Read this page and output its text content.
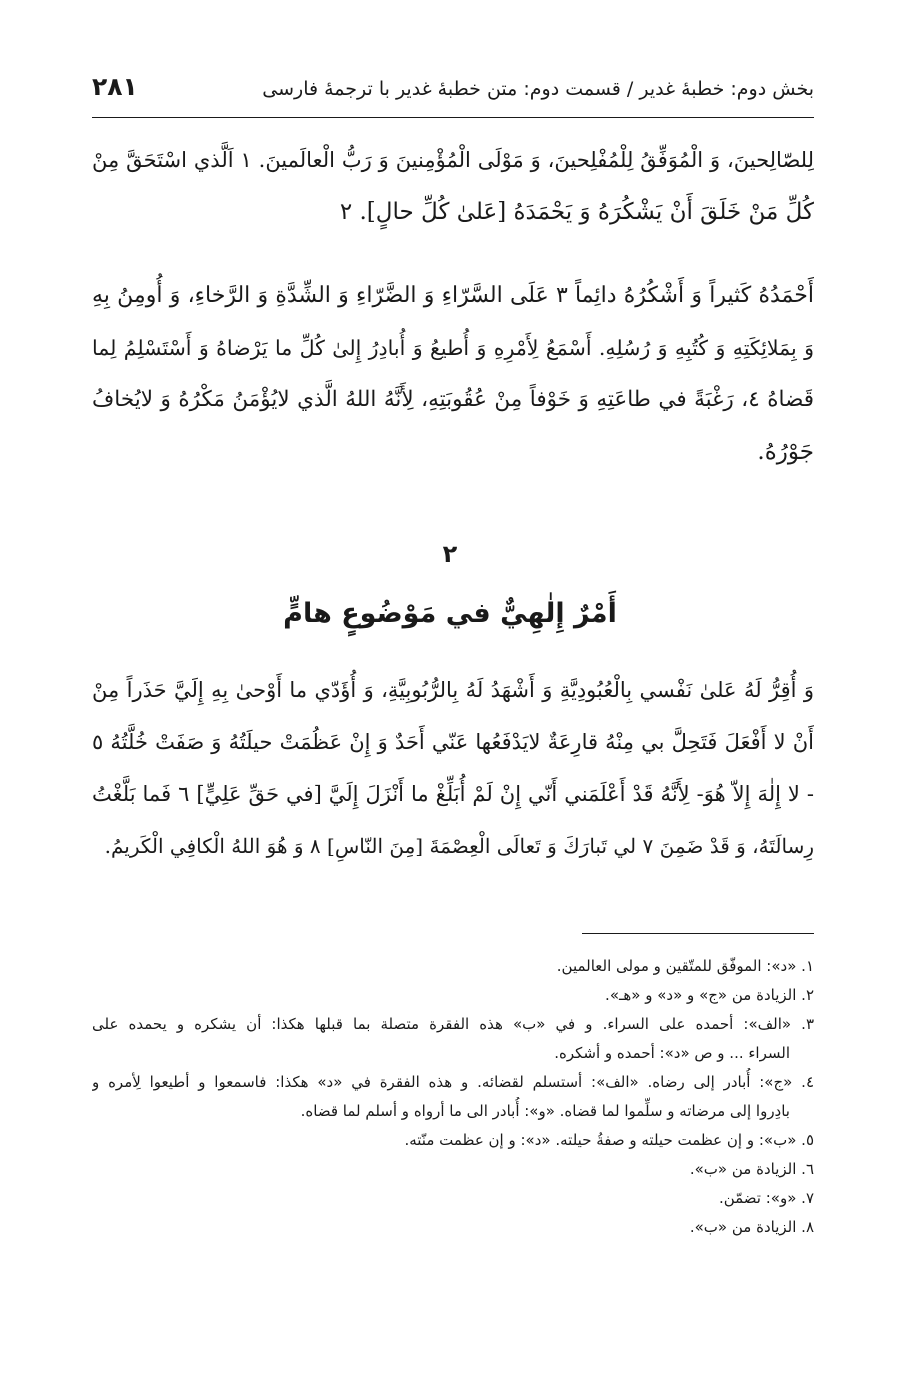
بخش دوم: خطبهٔ غدیر / قسمت دوم: متن خطبهٔ غدیر با ترجمهٔ فارسی
۲۸۱
لِلصّالِحينَ، وَ الْمُوَفِّقُ لِلْمُفْلِحينَ، وَ مَوْلَى الْمُؤْمِنينَ وَ رَبُّ الْعالَمينَ. ١ اَلَّذي اسْتَحَقَّ مِنْ
كُلِّ مَنْ خَلَقَ أَنْ يَشْكُرَهُ وَ يَحْمَدَهُ [عَلىٰ كُلِّ حالٍ]. ٢
أَحْمَدُهُ كَثيراً وَ أَشْكُرُهُ دائِماً ٣ عَلَى السَّرّاءِ وَ الضَّرّاءِ وَ الشِّدَّةِ وَ الرَّخاءِ، وَ أُومِنُ بِهِ
وَ بِمَلائِكَتِهِ وَ كُتُبِهِ وَ رُسُلِهِ. أَسْمَعُ لِأَمْرِهِ وَ أُطيعُ وَ أُبادِرُ إِلىٰ كُلِّ ما يَرْضاهُ وَ أَسْتَسْلِمُ لِما
قَضاهُ ٤، رَغْبَةً في طاعَتِهِ وَ خَوْفاً مِنْ عُقُوبَتِهِ، لِأَنَّهُ اللهُ الَّذي لايُؤْمَنُ مَكْرُهُ وَ لايُخافُ
جَوْرُهُ.
۲
أَمْرٌ إِلٰهِيٌّ في مَوْضُوعٍ هامٍّ
وَ أُقِرُّ لَهُ عَلىٰ نَفْسي بِالْعُبُودِيَّةِ وَ أَشْهَدُ لَهُ بِالرُّبُوبِيَّةِ، وَ أُؤَدّي ما أَوْحىٰ بِهِ إِلَيَّ حَذَراً مِنْ
أَنْ لا أَفْعَلَ فَتَحِلَّ بي مِنْهُ قارِعَةٌ لايَدْفَعُها عَنّي أَحَدٌ وَ إِنْ عَظُمَتْ حيلَتُهُ وَ صَفَتْ خُلَّتُهُ ٥
- لا إِلٰهَ إِلاّ هُوَ- لِأَنَّهُ قَدْ أَعْلَمَني أَنّي إِنْ لَمْ أُبَلِّغْ ما أَنْزَلَ إِلَيَّ [في حَقِّ عَلِيٍّ] ٦ فَما بَلَّغْتُ
رِسالَتَهُ، وَ قَدْ ضَمِنَ ٧ لي تَبارَكَ وَ تَعالَى الْعِصْمَةَ [مِنَ النّاسِ] ٨ وَ هُوَ اللهُ الْكافِي الْكَريمُ.
١. «د»: الموفّق للمتّقين و مولى العالمين.
٢. الزيادة من «ج» و «د» و «هـ».
٣. «الف»: أحمده على السراء. و في «ب» هذه الفقرة متصلة بما قبلها هكذا: أن يشكره و يحمده على
السراء ... و ص «د»: أحمده و أشكره.
٤. «ج»: أُبادر إلى رضاه. «الف»: أستسلم لقضائه. و هذه الفقرة في «د» هكذا: فاسمعوا و أطيعوا لِأمره و
بادِروا إلى مرضاته و سلِّموا لما قضاه. «و»: أُبادر الى ما أرواه و أسلم لما قضاه.
٥. «ب»: و إن عظمت حيلته و صفةُ حيلته. «د»: و إن عظمت منّته.
٦. الزيادة من «ب».
٧. «و»: تضمّن.
٨. الزيادة من «ب».
